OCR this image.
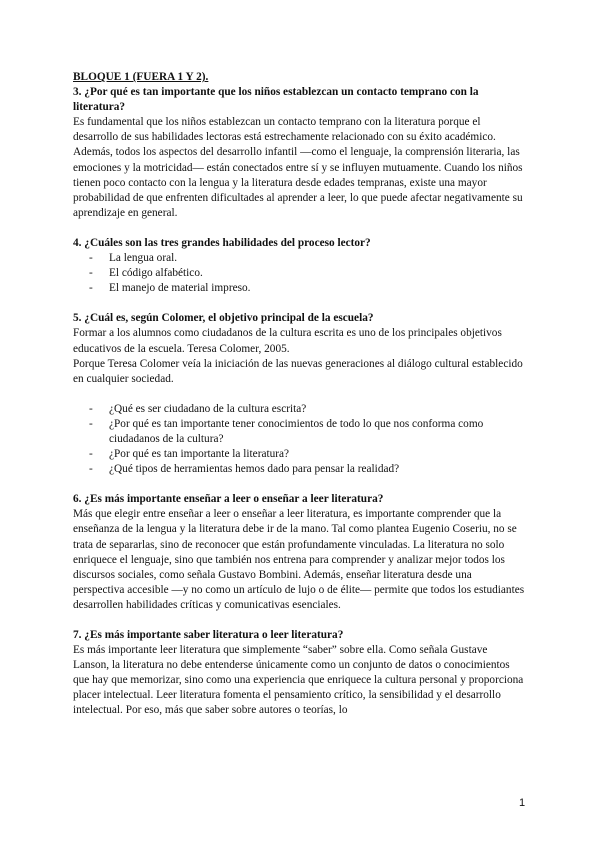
BLOQUE 1 (FUERA 1 Y 2).
3. ¿Por qué es tan importante que los niños establezcan un contacto temprano con la literatura?

Es fundamental que los niños establezcan un contacto temprano con la literatura porque el desarrollo de sus habilidades lectoras está estrechamente relacionado con su éxito académico. Además, todos los aspectos del desarrollo infantil —como el lenguaje, la comprensión literaria, las emociones y la motricidad— están conectados entre sí y se influyen mutuamente. Cuando los niños tienen poco contacto con la lengua y la literatura desde edades tempranas, existe una mayor probabilidad de que enfrenten dificultades al aprender a leer, lo que puede afectar negativamente su aprendizaje en general.

4. ¿Cuáles son las tres grandes habilidades del proceso lector?
- La lengua oral.
- El código alfabético.
- El manejo de material impreso.
5. ¿Cuál es, según Colomer, el objetivo principal de la escuela?

Formar a los alumnos como ciudadanos de la cultura escrita es uno de los principales objetivos educativos de la escuela. Teresa Colomer, 2005.

Porque Teresa Colomer veía la iniciación de las nuevas generaciones al diálogo cultural establecido en cualquier sociedad.

- ¿Qué es ser ciudadano de la cultura escrita?
- ¿Por qué es tan importante tener conocimientos de todo lo que nos conforma como ciudadanos de la cultura?
- ¿Por qué es tan importante la literatura?
- ¿Qué tipos de herramientas hemos dado para pensar la realidad?
6. ¿Es más importante enseñar a leer o enseñar a leer literatura?

Más que elegir entre enseñar a leer o enseñar a leer literatura, es importante comprender que la enseñanza de la lengua y la literatura debe ir de la mano. Tal como plantea Eugenio Coseriu, no se trata de separarlas, sino de reconocer que están profundamente vinculadas. La literatura no solo enriquece el lenguaje, sino que también nos entrena para comprender y analizar mejor todos los discursos sociales, como señala Gustavo Bombini. Además, enseñar literatura desde una perspectiva accesible —y no como un artículo de lujo o de élite— permite que todos los estudiantes desarrollen habilidades críticas y comunicativas esenciales.

7. ¿Es más importante saber literatura o leer literatura?

Es más importante leer literatura que simplemente “saber” sobre ella. Como señala Gustave Lanson, la literatura no debe entenderse únicamente como un conjunto de datos o conocimientos que hay que memorizar, sino como una experiencia que enriquece la cultura personal y proporciona placer intelectual. Leer literatura fomenta el pensamiento crítico, la sensibilidad y el desarrollo intelectual. Por eso, más que saber sobre autores o teorías, lo

1
